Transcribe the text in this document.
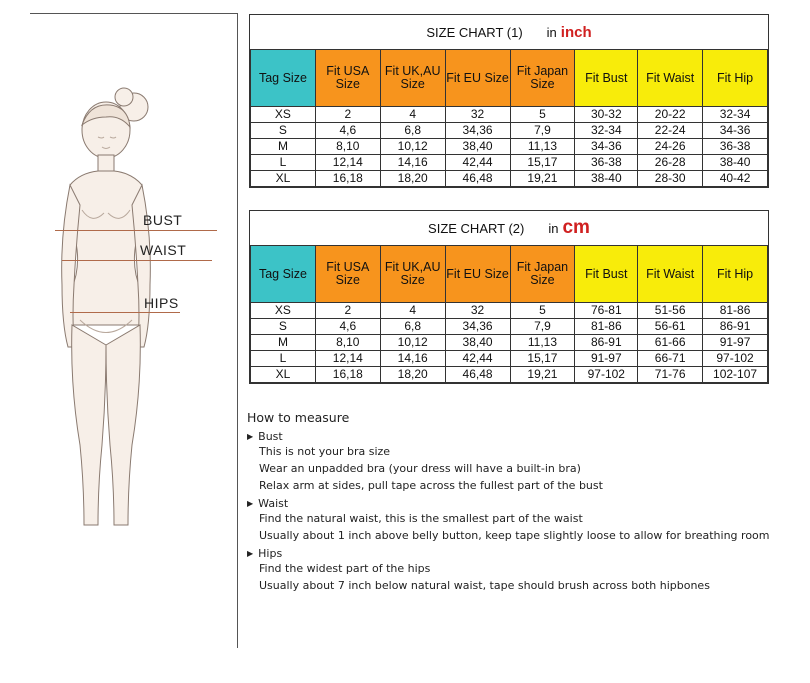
BUST
WAIST
HIPS
SIZE CHART (1) in inch
Tag Size	Fit USA Size	Fit UK,AU Size	Fit EU Size	Fit Japan Size	Fit Bust	Fit Waist	Fit Hip
XS	2	4	32	5	30-32	20-22	32-34
S	4,6	6,8	34,36	7,9	32-34	22-24	34-36
M	8,10	10,12	38,40	11,13	34-36	24-26	36-38
L	12,14	14,16	42,44	15,17	36-38	26-28	38-40
XL	16,18	18,20	46,48	19,21	38-40	28-30	40-42
SIZE CHART (2) in cm
Tag Size	Fit USA Size	Fit UK,AU Size	Fit EU Size	Fit Japan Size	Fit Bust	Fit Waist	Fit Hip
XS	2	4	32	5	76-81	51-56	81-86
S	4,6	6,8	34,36	7,9	81-86	56-61	86-91
M	8,10	10,12	38,40	11,13	86-91	61-66	91-97
L	12,14	14,16	42,44	15,17	91-97	66-71	97-102
XL	16,18	18,20	46,48	19,21	97-102	71-76	102-107
How to measure
▶ Bust
This is not your bra size
Wear an unpadded bra (your dress will have a built-in bra)
Relax arm at sides, pull tape across the fullest part of the bust
▶ Waist
Find the natural waist, this is the smallest part of the waist
Usually about 1 inch above belly button, keep tape slightly loose to allow for breathing room
▶ Hips
Find the widest part of the hips
Usually about 7 inch below natural waist, tape should brush across both hipbones
